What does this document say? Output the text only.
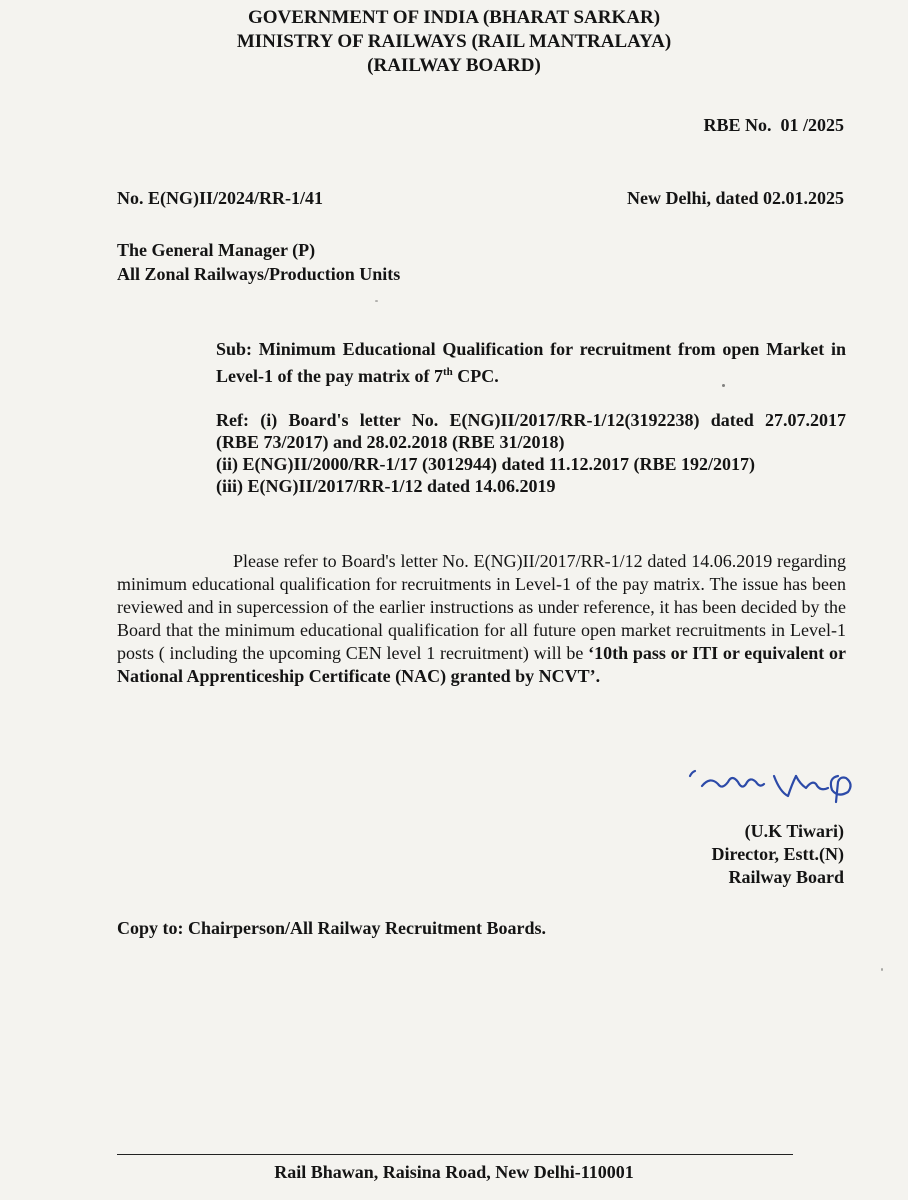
GOVERNMENT OF INDIA (BHARAT SARKAR)
MINISTRY OF RAILWAYS (RAIL MANTRALAYA)
(RAILWAY BOARD)
RBE No.  01 /2025
No. E(NG)II/2024/RR-1/41	New Delhi, dated 02.01.2025
The General Manager (P)
All Zonal Railways/Production Units
Sub: Minimum Educational Qualification for recruitment from open Market in Level-1 of the pay matrix of 7th CPC.
Ref: (i) Board's letter No. E(NG)II/2017/RR-1/12(3192238) dated 27.07.2017 (RBE 73/2017) and 28.02.2018 (RBE 31/2018)
(ii) E(NG)II/2000/RR-1/17 (3012944) dated 11.12.2017 (RBE 192/2017)
(iii) E(NG)II/2017/RR-1/12 dated 14.06.2019
Please refer to Board's letter No. E(NG)II/2017/RR-1/12 dated 14.06.2019 regarding minimum educational qualification for recruitments in Level-1 of the pay matrix. The issue has been reviewed and in supercession of the earlier instructions as under reference, it has been decided by the Board that the minimum educational qualification for all future open market recruitments in Level-1 posts ( including the upcoming CEN level 1 recruitment) will be ‘10th pass or ITI or equivalent or National Apprenticeship Certificate (NAC) granted by NCVT’.
(U.K Tiwari)
Director, Estt.(N)
Railway Board
Copy to: Chairperson/All Railway Recruitment Boards.
Rail Bhawan, Raisina Road, New Delhi-110001
